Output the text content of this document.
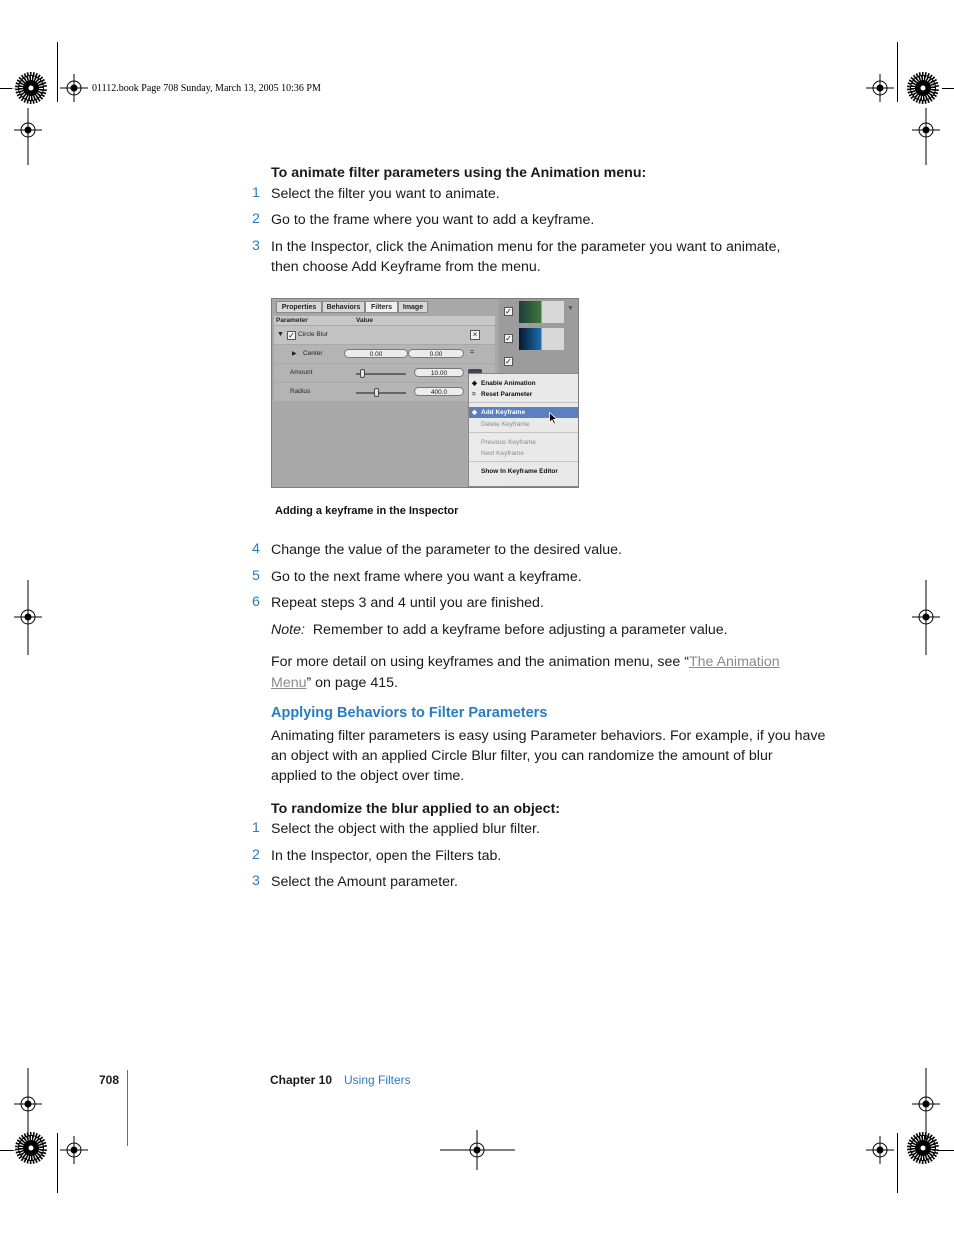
01112.book Page 708 Sunday, March 13, 2005 10:36 PM
To animate filter parameters using the Animation menu:
1 Select the filter you want to animate.
2 Go to the frame where you want to add a keyframe.
3 In the Inspector, click the Animation menu for the parameter you want to animate,
then choose Add Keyframe from the menu.
Properties	Behaviors	Filters	Image
Parameter	Value
▼ ✓ Circle Blur	×
▶ Center	0.00	0.00	=
Amount	10.00
Radius	400.0
✓
✓
✓
▼
◆ Enable Animation
= Reset Parameter
◆ Add Keyframe
Delete Keyframe
Previous Keyframe
Next Keyframe
Show In Keyframe Editor
Adding a keyframe in the Inspector
4 Change the value of the parameter to the desired value.
5 Go to the next frame where you want a keyframe.
6 Repeat steps 3 and 4 until you are finished.
Note: Remember to add a keyframe before adjusting a parameter value.
For more detail on using keyframes and the animation menu, see “The Animation
Menu” on page 415.
Applying Behaviors to Filter Parameters
Animating filter parameters is easy using Parameter behaviors. For example, if you have
an object with an applied Circle Blur filter, you can randomize the amount of blur
applied to the object over time.
To randomize the blur applied to an object:
1 Select the object with the applied blur filter.
2 In the Inspector, open the Filters tab.
3 Select the Amount parameter.
708	Chapter 10 Using Filters
